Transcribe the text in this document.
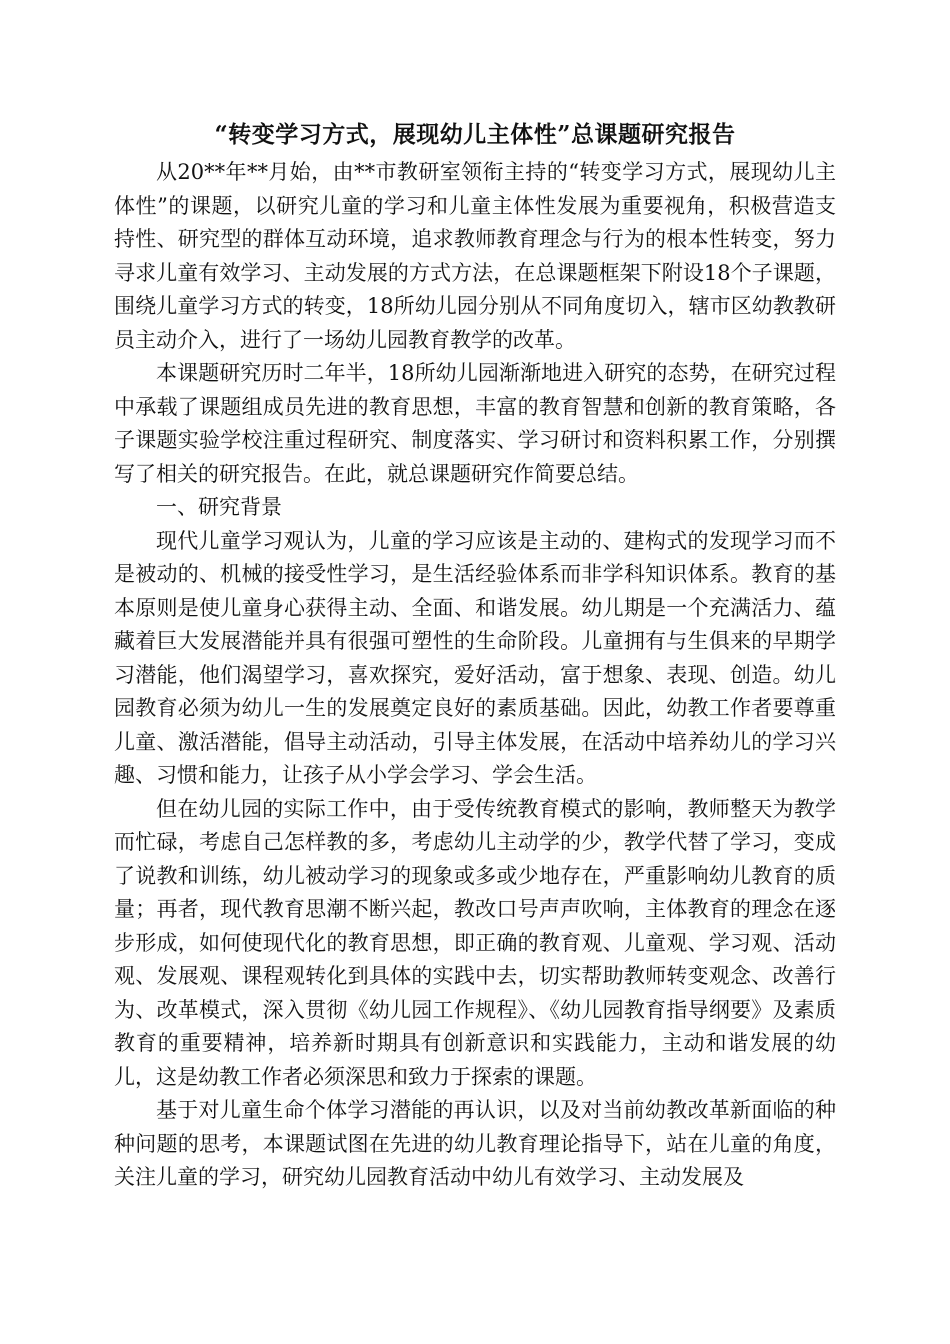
“转变学习方式，展现幼儿主体性”总课题研究报告

从20**年**月始，由**市教研室领衔主持的“转变学习方式，展现幼儿主体性”的课题，以研究儿童的学习和儿童主体性发展为重要视角，积极营造支持性、研究型的群体互动环境，追求教师教育理念与行为的根本性转变，努力寻求儿童有效学习、主动发展的方式方法，在总课题框架下附设18个子课题，围绕儿童学习方式的转变，18所幼儿园分别从不同角度切入，辖市区幼教教研员主动介入，进行了一场幼儿园教育教学的改革。

本课题研究历时二年半，18所幼儿园渐渐地进入研究的态势，在研究过程中承载了课题组成员先进的教育思想，丰富的教育智慧和创新的教育策略，各子课题实验学校注重过程研究、制度落实、学习研讨和资料积累工作，分别撰写了相关的研究报告。在此，就总课题研究作简要总结。

一、研究背景

现代儿童学习观认为，儿童的学习应该是主动的、建构式的发现学习而不是被动的、机械的接受性学习，是生活经验体系而非学科知识体系。教育的基本原则是使儿童身心获得主动、全面、和谐发展。幼儿期是一个充满活力、蕴藏着巨大发展潜能并具有很强可塑性的生命阶段。儿童拥有与生俱来的早期学习潜能，他们渴望学习，喜欢探究，爱好活动，富于想象、表现、创造。幼儿园教育必须为幼儿一生的发展奠定良好的素质基础。因此，幼教工作者要尊重儿童、激活潜能，倡导主动活动，引导主体发展，在活动中培养幼儿的学习兴趣、习惯和能力，让孩子从小学会学习、学会生活。

但在幼儿园的实际工作中，由于受传统教育模式的影响，教师整天为教学而忙碌，考虑自己怎样教的多，考虑幼儿主动学的少，教学代替了学习，变成了说教和训练，幼儿被动学习的现象或多或少地存在，严重影响幼儿教育的质量；再者，现代教育思潮不断兴起，教改口号声声吹响，主体教育的理念在逐步形成，如何使现代化的教育思想，即正确的教育观、儿童观、学习观、活动观、发展观、课程观转化到具体的实践中去，切实帮助教师转变观念、改善行为、改革模式，深入贯彻《幼儿园工作规程》、《幼儿园教育指导纲要》及素质教育的重要精神，培养新时期具有创新意识和实践能力，主动和谐发展的幼儿，这是幼教工作者必须深思和致力于探索的课题。

基于对儿童生命个体学习潜能的再认识，以及对当前幼教改革新面临的种种问题的思考，本课题试图在先进的幼儿教育理论指导下，站在儿童的角度，关注儿童的学习，研究幼儿园教育活动中幼儿有效学习、主动发展及
